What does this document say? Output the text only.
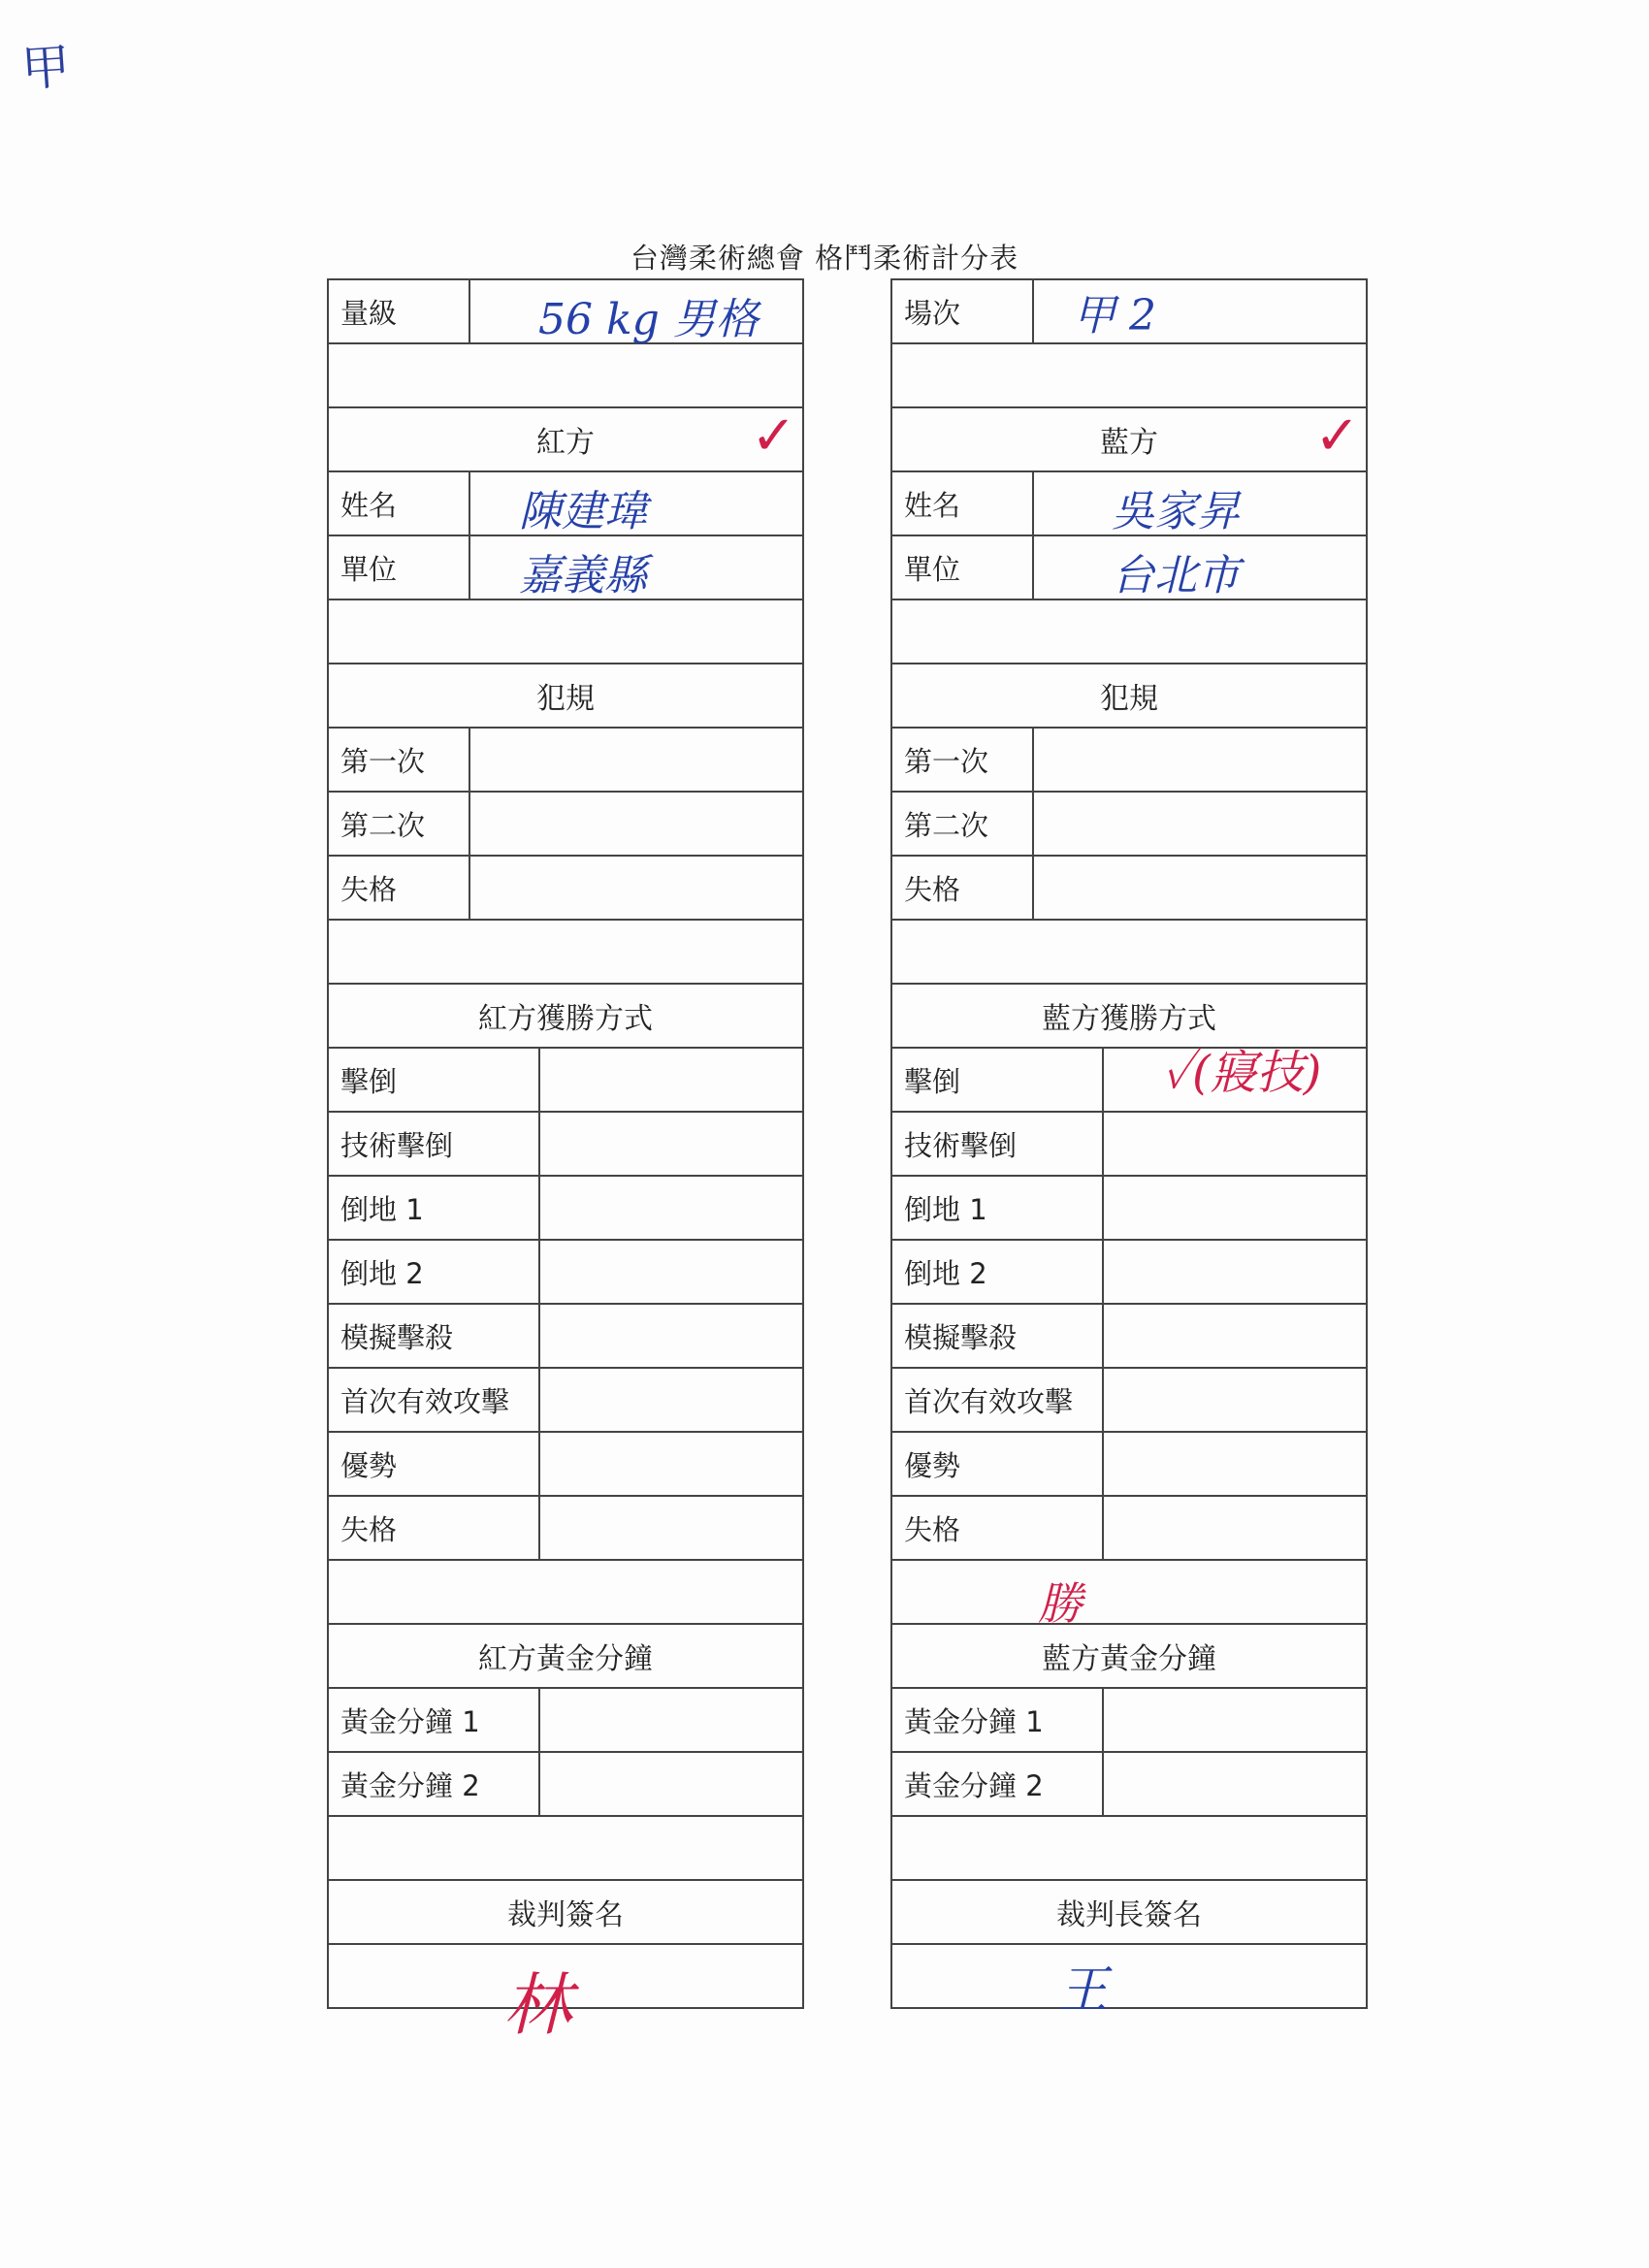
甲
台灣柔術總會 格鬥柔術計分表
量級	56 kg 男格
紅方	✓
姓名	陳建瑋
單位	嘉義縣
犯規
第一次
第二次
失格
紅方獲勝方式
擊倒
技術擊倒
倒地 1
倒地 2
模擬擊殺
首次有效攻擊
優勢
失格
紅方黃金分鐘
黃金分鐘 1
黃金分鐘 2
裁判簽名
林
場次	甲 2
藍方	✓
姓名	吳家昇
單位	台北市
犯規
第一次
第二次
失格
藍方獲勝方式
擊倒	✓(寢技)
技術擊倒
倒地 1
倒地 2
模擬擊殺
首次有效攻擊
優勢
失格
勝
藍方黃金分鐘
黃金分鐘 1
黃金分鐘 2
裁判長簽名
王
